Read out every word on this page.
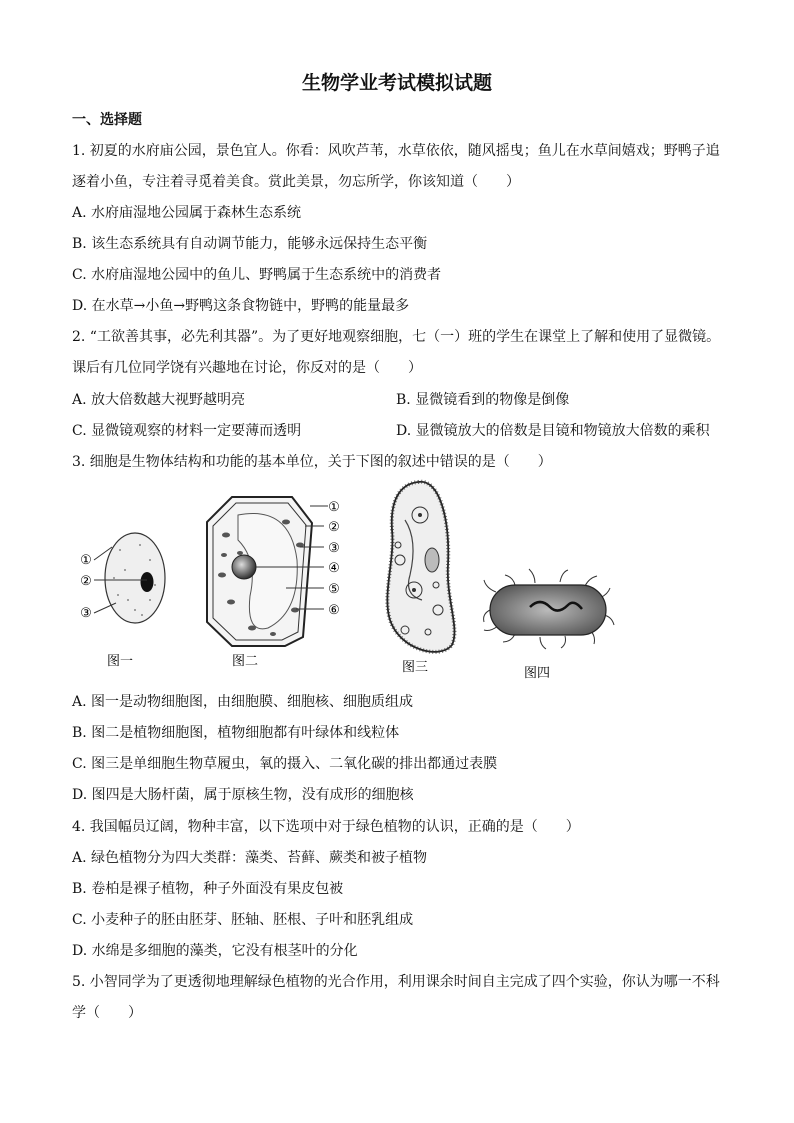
生物学业考试模拟试题
一、选择题
1. 初夏的水府庙公园，景色宜人。你看：风吹芦苇，水草依依，随风摇曳；鱼儿在水草间嬉戏；野鸭子追
逐着小鱼，专注着寻觅着美食。赏此美景，勿忘所学，你该知道（　　）
A. 水府庙湿地公园属于森林生态系统
B. 该生态系统具有自动调节能力，能够永远保持生态平衡
C. 水府庙湿地公园中的鱼儿、野鸭属于生态系统中的消费者
D. 在水草→小鱼→野鸭这条食物链中，野鸭的能量最多
2. “工欲善其事，必先利其器”。为了更好地观察细胞，七（一）班的学生在课堂上了解和使用了显微镜。
课后有几位同学饶有兴趣地在讨论，你反对的是（　　）
A. 放大倍数越大视野越明亮	B. 显微镜看到的物像是倒像
C. 显微镜观察的材料一定要薄而透明	D. 显微镜放大的倍数是目镜和物镜放大倍数的乘积
3. 细胞是生物体结构和功能的基本单位，关于下图的叙述中错误的是（　　）
①
②
③
图一
①
②
③
④
⑤
⑥
图二	图三	图四
A. 图一是动物细胞图，由细胞膜、细胞核、细胞质组成
B. 图二是植物细胞图，植物细胞都有叶绿体和线粒体
C. 图三是单细胞生物草履虫，氧的摄入、二氧化碳的排出都通过表膜
D. 图四是大肠杆菌，属于原核生物，没有成形的细胞核
4. 我国幅员辽阔，物种丰富，以下选项中对于绿色植物的认识，正确的是（　　）
A. 绿色植物分为四大类群：藻类、苔藓、蕨类和被子植物
B. 卷柏是裸子植物，种子外面没有果皮包被
C. 小麦种子的胚由胚芽、胚轴、胚根、子叶和胚乳组成
D. 水绵是多细胞的藻类，它没有根茎叶的分化
5. 小智同学为了更透彻地理解绿色植物的光合作用，利用课余时间自主完成了四个实验，你认为哪一不科
学（　　）
